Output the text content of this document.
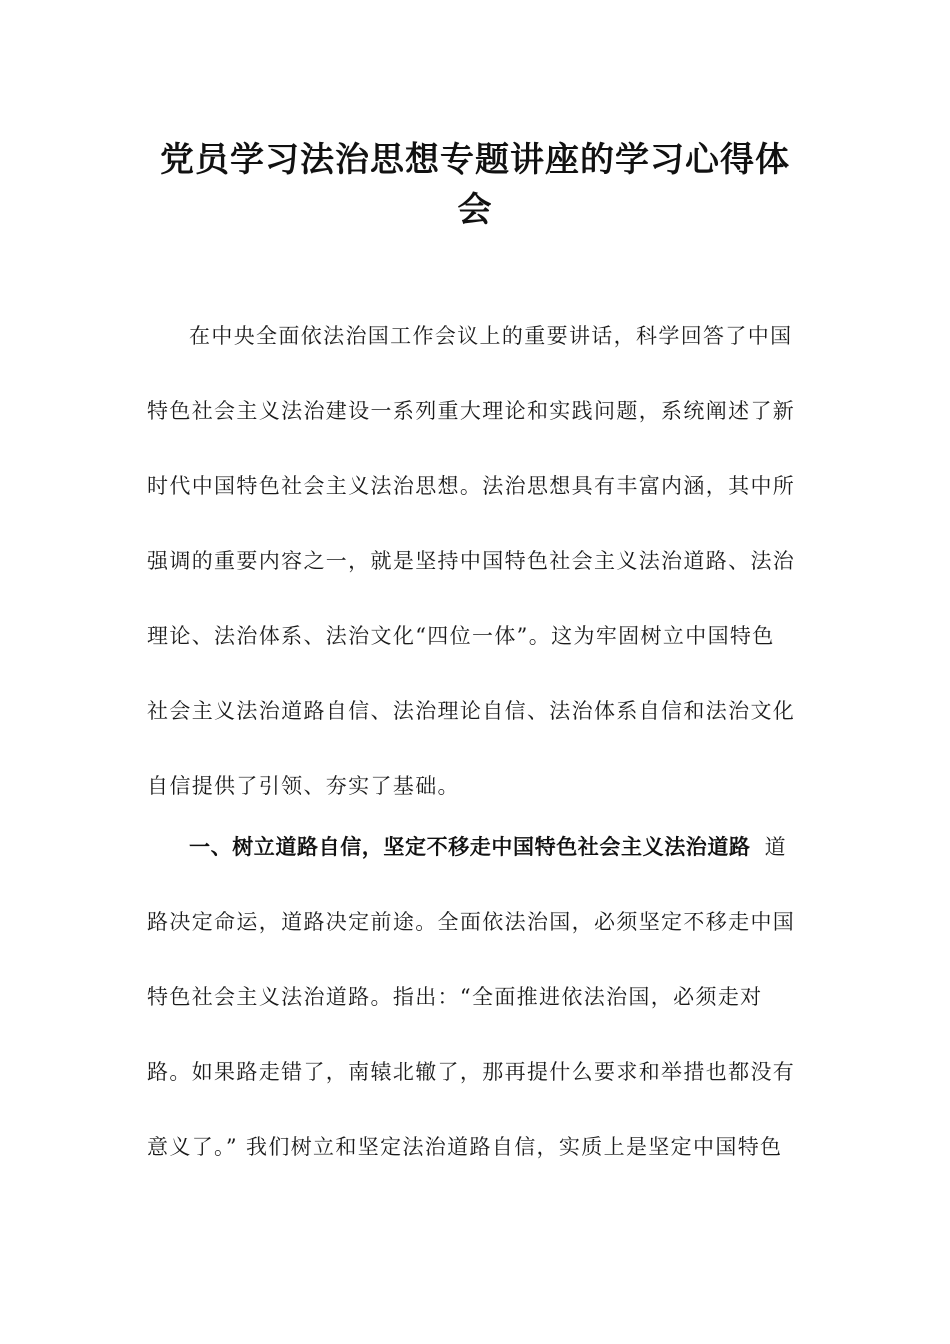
党员学习法治思想专题讲座的学习心得体
会
在中央全面依法治国工作会议上的重要讲话，科学回答了中国
特色社会主义法治建设一系列重大理论和实践问题，系统阐述了新
时代中国特色社会主义法治思想。法治思想具有丰富内涵，其中所
强调的重要内容之一，就是坚持中国特色社会主义法治道路、法治
理论、法治体系、法治文化“四位一体”。这为牢固树立中国特色
社会主义法治道路自信、法治理论自信、法治体系自信和法治文化
自信提供了引领、夯实了基础。
一、树立道路自信，坚定不移走中国特色社会主义法治道路 道
路决定命运，道路决定前途。全面依法治国，必须坚定不移走中国
特色社会主义法治道路。指出：“全面推进依法治国，必须走对
路。如果路走错了，南辕北辙了，那再提什么要求和举措也都没有
意义了。” 我们树立和坚定法治道路自信，实质上是坚定中国特色
